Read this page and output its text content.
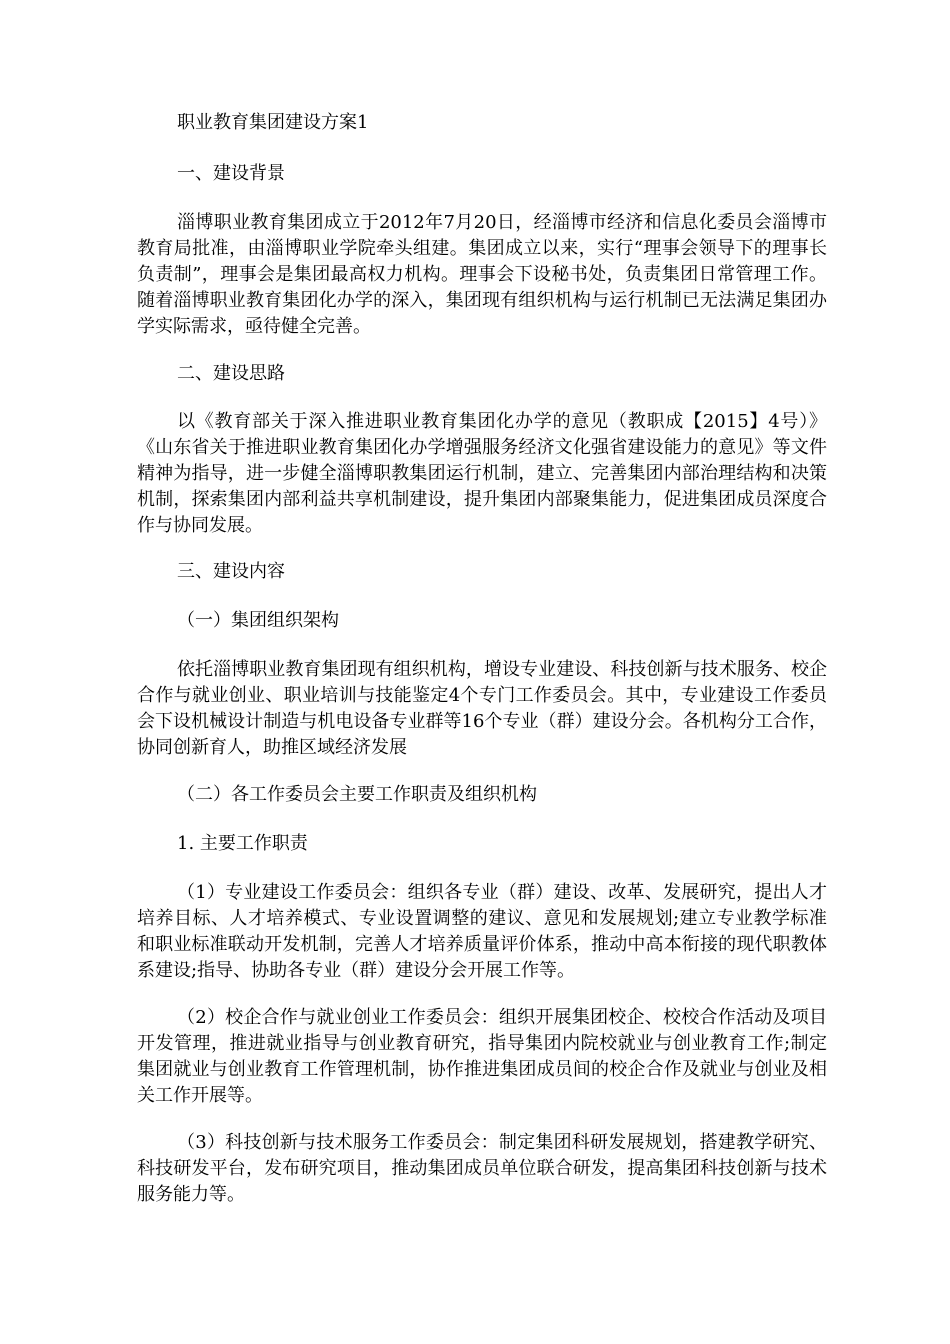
职业教育集团建设方案1
一、建设背景
淄博职业教育集团成立于2012年7月20日，经淄博市经济和信息化委员会淄博市教育局批准，由淄博职业学院牵头组建。集团成立以来，实行“理事会领导下的理事长负责制”，理事会是集团最高权力机构。理事会下设秘书处，负责集团日常管理工作。随着淄博职业教育集团化办学的深入，集团现有组织机构与运行机制已无法满足集团办学实际需求，亟待健全完善。
二、建设思路
以《教育部关于深入推进职业教育集团化办学的意见（教职成【2015】4号）》《山东省关于推进职业教育集团化办学增强服务经济文化强省建设能力的意见》等文件精神为指导，进一步健全淄博职教集团运行机制，建立、完善集团内部治理结构和决策机制，探索集团内部利益共享机制建设，提升集团内部聚集能力，促进集团成员深度合作与协同发展。
三、建设内容
（一）集团组织架构
依托淄博职业教育集团现有组织机构，增设专业建设、科技创新与技术服务、校企合作与就业创业、职业培训与技能鉴定4个专门工作委员会。其中，专业建设工作委员会下设机械设计制造与机电设备专业群等16个专业（群）建设分会。各机构分工合作，协同创新育人，助推区域经济发展
（二）各工作委员会主要工作职责及组织机构
1. 主要工作职责
（1）专业建设工作委员会：组织各专业（群）建设、改革、发展研究，提出人才培养目标、人才培养模式、专业设置调整的建议、意见和发展规划;建立专业教学标准和职业标准联动开发机制，完善人才培养质量评价体系，推动中高本衔接的现代职教体系建设;指导、协助各专业（群）建设分会开展工作等。
（2）校企合作与就业创业工作委员会：组织开展集团校企、校校合作活动及项目开发管理，推进就业指导与创业教育研究，指导集团内院校就业与创业教育工作;制定集团就业与创业教育工作管理机制，协作推进集团成员间的校企合作及就业与创业及相关工作开展等。
（3）科技创新与技术服务工作委员会：制定集团科研发展规划，搭建教学研究、科技研发平台，发布研究项目，推动集团成员单位联合研发，提高集团科技创新与技术服务能力等。
